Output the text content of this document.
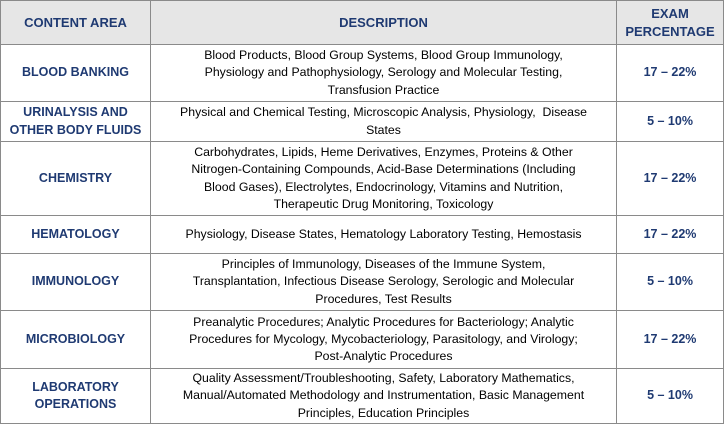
CONTENT AREA	DESCRIPTION	EXAM
PERCENTAGE
BLOOD BANKING	Blood Products, Blood Group Systems, Blood Group Immunology,
Physiology and Pathophysiology, Serology and Molecular Testing,
Transfusion Practice	17 – 22%
URINALYSIS AND
OTHER BODY FLUIDS	Physical and Chemical Testing, Microscopic Analysis, Physiology,  Disease
States	5 – 10%
CHEMISTRY	Carbohydrates, Lipids, Heme Derivatives, Enzymes, Proteins & Other
Nitrogen-Containing Compounds, Acid-Base Determinations (Including
Blood Gases), Electrolytes, Endocrinology, Vitamins and Nutrition,
Therapeutic Drug Monitoring, Toxicology	17 – 22%
HEMATOLOGY	Physiology, Disease States, Hematology Laboratory Testing, Hemostasis	17 – 22%
IMMUNOLOGY	Principles of Immunology, Diseases of the Immune System,
Transplantation, Infectious Disease Serology, Serologic and Molecular
Procedures, Test Results	5 – 10%
MICROBIOLOGY	Preanalytic Procedures; Analytic Procedures for Bacteriology; Analytic
Procedures for Mycology, Mycobacteriology, Parasitology, and Virology;
Post-Analytic Procedures	17 – 22%
LABORATORY
OPERATIONS	Quality Assessment/Troubleshooting, Safety, Laboratory Mathematics,
Manual/Automated Methodology and Instrumentation, Basic Management
Principles, Education Principles	5 – 10%
